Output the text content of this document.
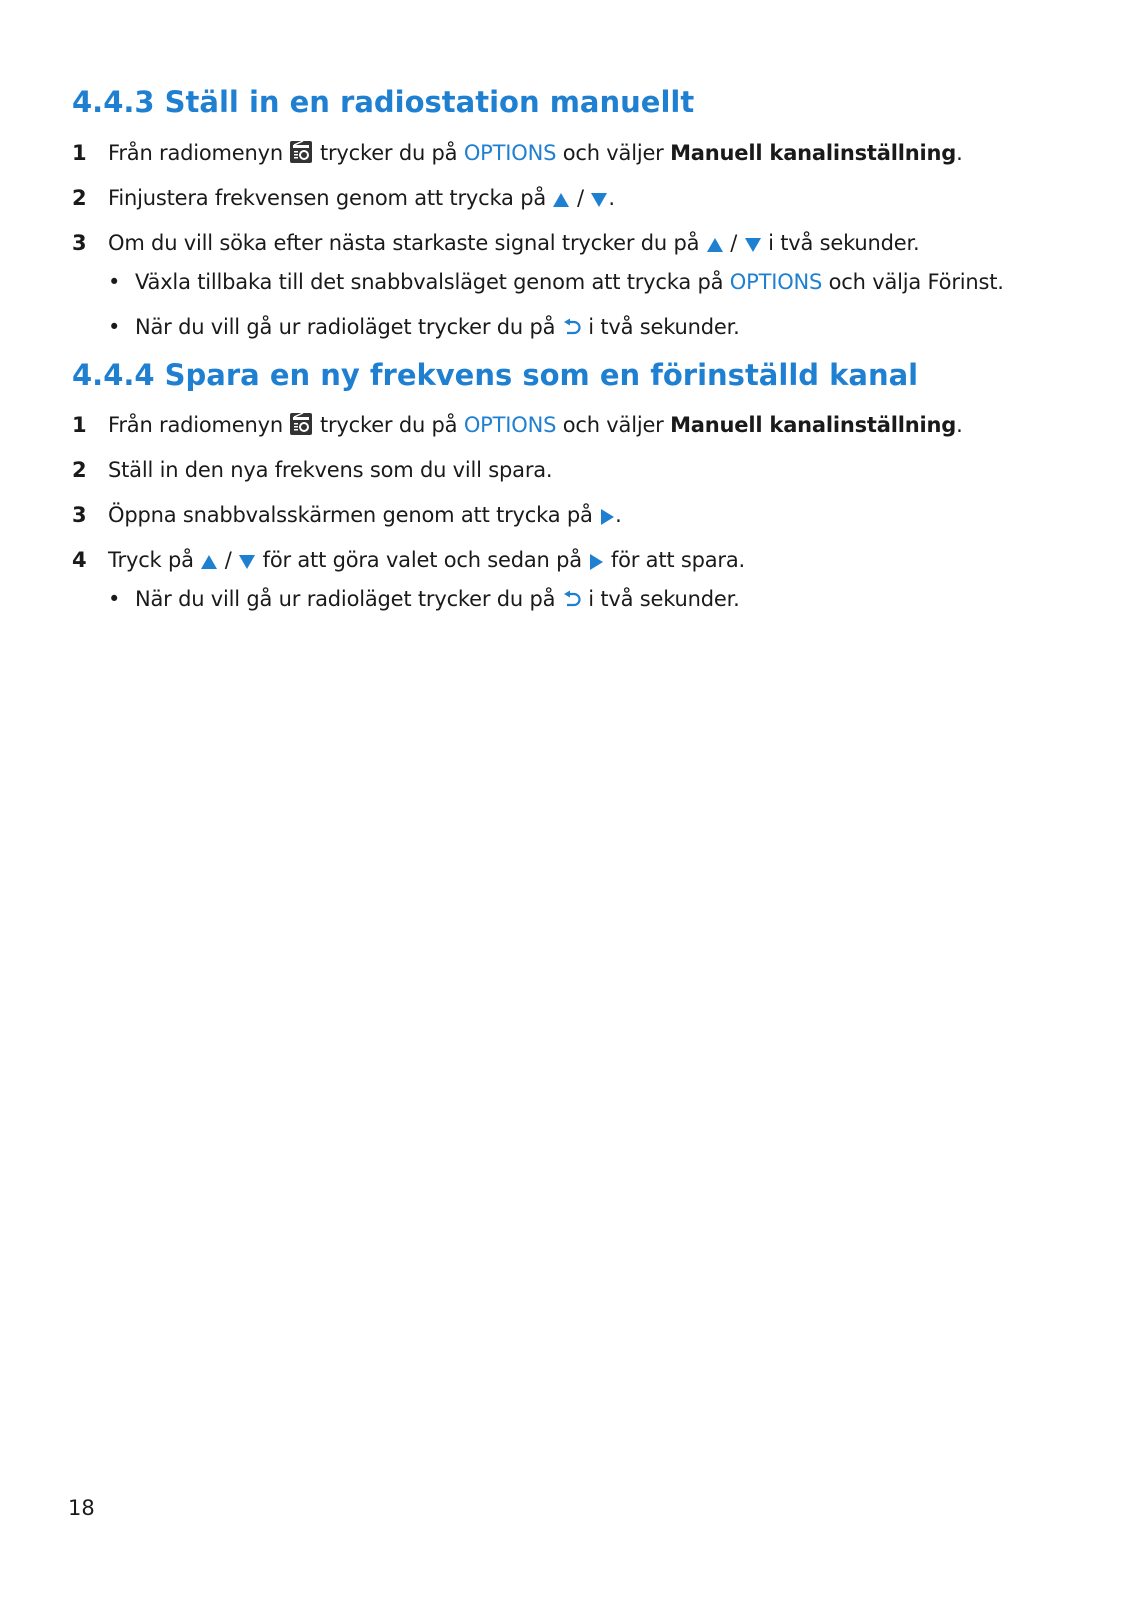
4.4.3 Ställ in en radiostation manuellt
1 Från radiomenyn trycker du på OPTIONS och väljer Manuell kanalinställning.
2 Finjustera frekvensen genom att trycka på / .
3 Om du vill söka efter nästa starkaste signal trycker du på / i två sekunder.
• Växla tillbaka till det snabbvalsläget genom att trycka på OPTIONS och välja Förinst.
• När du vill gå ur radioläget trycker du på i två sekunder.
4.4.4 Spara en ny frekvens som en förinställd kanal
1 Från radiomenyn trycker du på OPTIONS och väljer Manuell kanalinställning.
2 Ställ in den nya frekvens som du vill spara.
3 Öppna snabbvalsskärmen genom att trycka på .
4 Tryck på / för att göra valet och sedan på för att spara.
• När du vill gå ur radioläget trycker du på i två sekunder.
18
